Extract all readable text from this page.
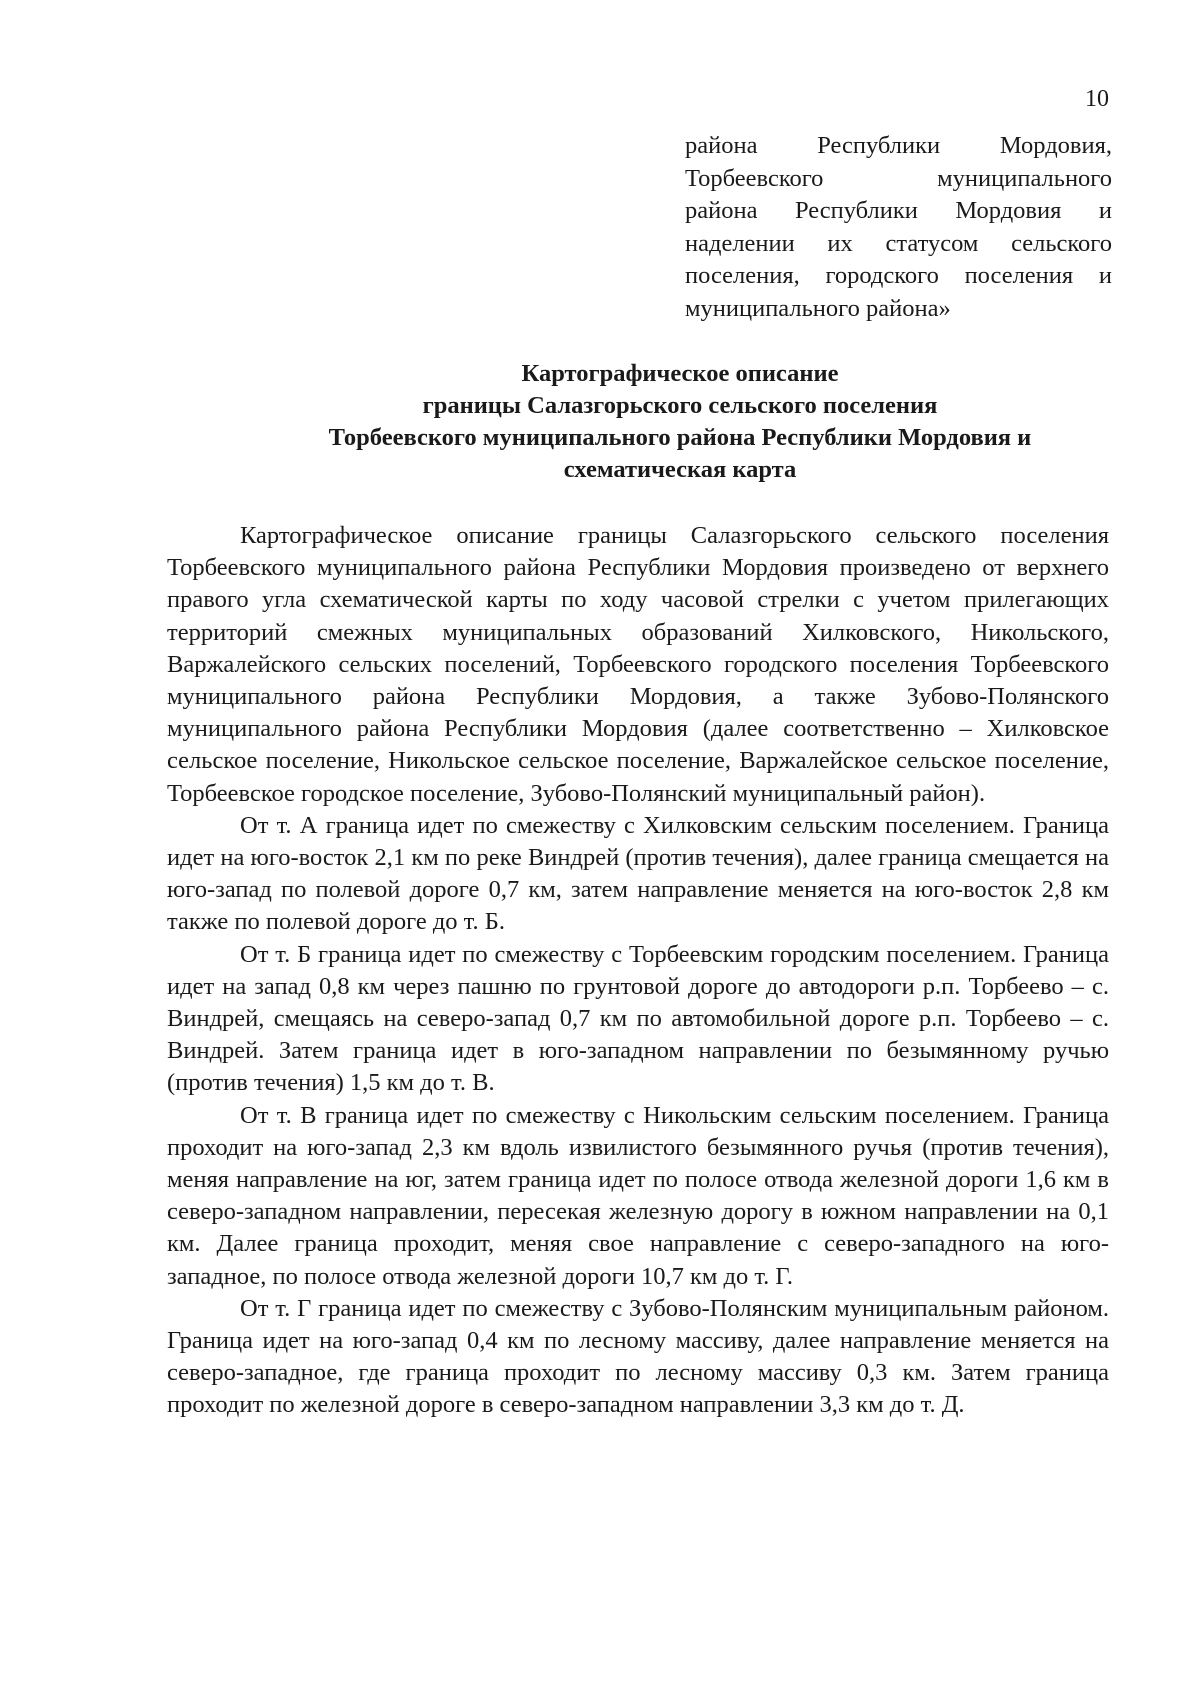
10
района Республики Мордовия,
Торбеевского муниципального
района Республики Мордовия и
наделении их статусом сельского
поселения, городского поселения и
муниципального района»
Картографическое описание
границы Салазгорьского сельского поселения
Торбеевского муниципального района Республики Мордовия и
схематическая карта

Картографическое описание границы Салазгорьского сельского поселения Торбеевского муниципального района Республики Мордовия произведено от верхнего правого угла схематической карты по ходу часовой стрелки с учетом прилегающих территорий смежных муниципальных образований Хилковского, Никольского, Варжалейского сельских поселений, Торбеевского городского поселения Торбеевского муниципального района Республики Мордовия, а также Зубово-Полянского муниципального района Республики Мордовия (далее соответственно – Хилковское сельское поселение, Никольское сельское поселение, Варжалейское сельское поселение, Торбеевское городское поселение, Зубово-Полянский муниципальный район).

От т. А граница идет по смежеству с Хилковским сельским поселением. Граница идет на юго-восток 2,1 км по реке Виндрей (против течения), далее граница смещается на юго-запад по полевой дороге 0,7 км, затем направление меняется на юго-восток 2,8 км также по полевой дороге до т. Б.

От т. Б граница идет по смежеству с Торбеевским городским поселением. Граница идет на запад 0,8 км через пашню по грунтовой дороге до автодороги р.п. Торбеево – с. Виндрей, смещаясь на северо-запад 0,7 км по автомобильной дороге р.п. Торбеево – с. Виндрей. Затем граница идет в юго-западном направлении по безымянному ручью (против течения) 1,5 км до т. В.

От т. В граница идет по смежеству с Никольским сельским поселением. Граница проходит на юго-запад 2,3 км вдоль извилистого безымянного ручья (против течения), меняя направление на юг, затем граница идет по полосе отвода железной дороги 1,6 км в северо-западном направлении, пересекая железную дорогу в южном направлении на 0,1 км. Далее граница проходит, меняя свое направление с северо-западного на юго-западное, по полосе отвода железной дороги 10,7 км до т. Г.

От т. Г граница идет по смежеству с Зубово-Полянским муниципальным районом. Граница идет на юго-запад 0,4 км по лесному массиву, далее направление меняется на северо-западное, где граница проходит по лесному массиву 0,3 км. Затем граница проходит по железной дороге в северо-западном направлении 3,3 км до т. Д.
